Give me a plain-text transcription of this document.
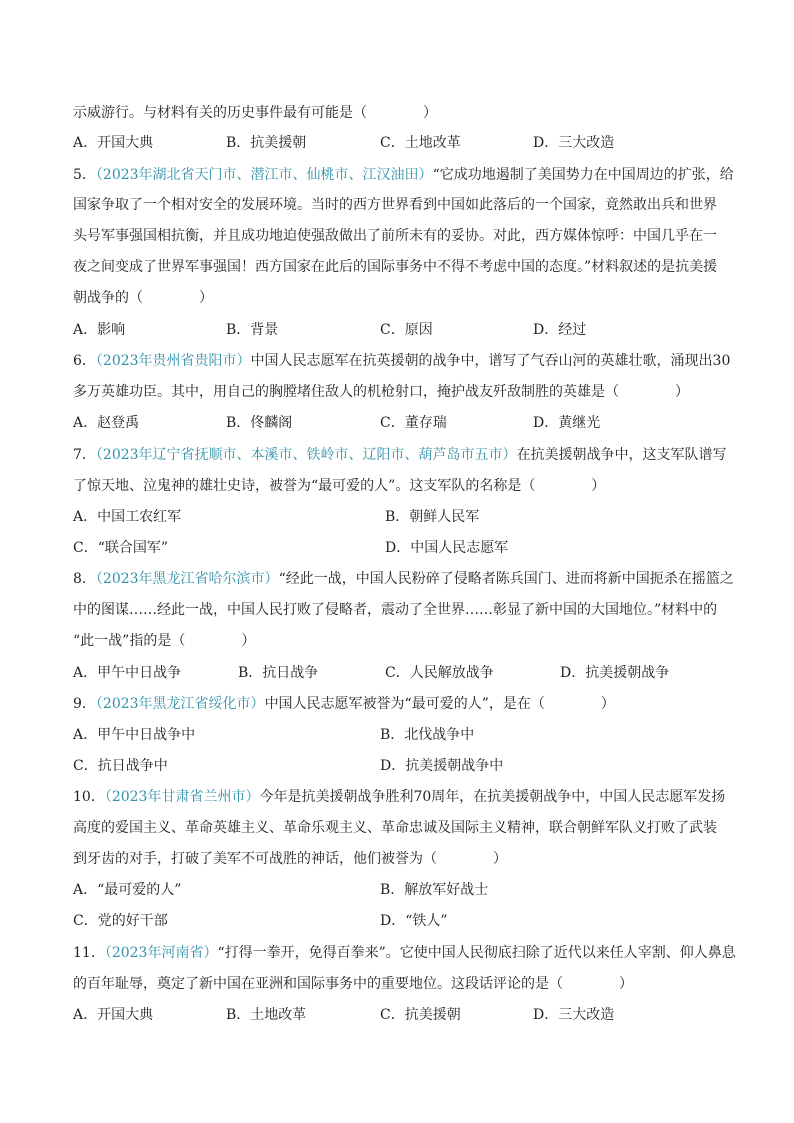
示威游行。与材料有关的历史事件最有可能是（　　　　）
A．开国大典	B．抗美援朝	C．土地改革	D．三大改造
5．（2023年湖北省天门市、潜江市、仙桃市、江汉油田）“它成功地遏制了美国势力在中国周边的扩张，给
国家争取了一个相对安全的发展环境。当时的西方世界看到中国如此落后的一个国家，竟然敢出兵和世界
头号军事强国相抗衡，并且成功地迫使强敌做出了前所未有的妥协。对此，西方媒体惊呼：中国几乎在一
夜之间变成了世界军事强国！西方国家在此后的国际事务中不得不考虑中国的态度。”材料叙述的是抗美援
朝战争的（　　　　）
A．影响	B．背景	C．原因	D．经过
6．（2023年贵州省贵阳市）中国人民志愿军在抗英援朝的战争中，谱写了气吞山河的英雄壮歌，涌现出30
多万英雄功臣。其中，用自己的胸膛堵住敌人的机枪射口，掩护战友歼敌制胜的英雄是（　　　　）
A．赵登禹	B．佟麟阁	C．董存瑞	D．黄继光
7．（2023年辽宁省抚顺市、本溪市、铁岭市、辽阳市、葫芦岛市五市）在抗美援朝战争中，这支军队谱写
了惊天地、泣鬼神的雄壮史诗，被誉为“最可爱的人”。这支军队的名称是（　　　　）
A．中国工农红军	B．朝鲜人民军
C．“联合国军”	D．中国人民志愿军
8．（2023年黑龙江省哈尔滨市）“经此一战，中国人民粉碎了侵略者陈兵国门、进而将新中国扼杀在摇篮之
中的图谋……经此一战，中国人民打败了侵略者，震动了全世界……彰显了新中国的大国地位。”材料中的
“此一战”指的是（　　　　）
A．甲午中日战争	B．抗日战争	C．人民解放战争	D．抗美援朝战争
9．（2023年黑龙江省绥化市）中国人民志愿军被誉为“最可爱的人”，是在（　　　　）
A．甲午中日战争中	B．北伐战争中
C．抗日战争中	D．抗美援朝战争中
10．（2023年甘肃省兰州市）今年是抗美援朝战争胜利70周年，在抗美援朝战争中，中国人民志愿军发扬
高度的爱国主义、革命英雄主义、革命乐观主义、革命忠诚及国际主义精神，联合朝鲜军队义打败了武装
到牙齿的对手，打破了美军不可战胜的神话，他们被誉为（　　　　）
A．“最可爱的人”	B．解放军好战士
C．党的好干部	D．“铁人”
11．（2023年河南省）“打得一拳开，免得百拳来”。它使中国人民彻底扫除了近代以来任人宰割、仰人鼻息
的百年耻辱，奠定了新中国在亚洲和国际事务中的重要地位。这段话评论的是（　　　　）
A．开国大典	B．土地改革	C．抗美援朝	D．三大改造
